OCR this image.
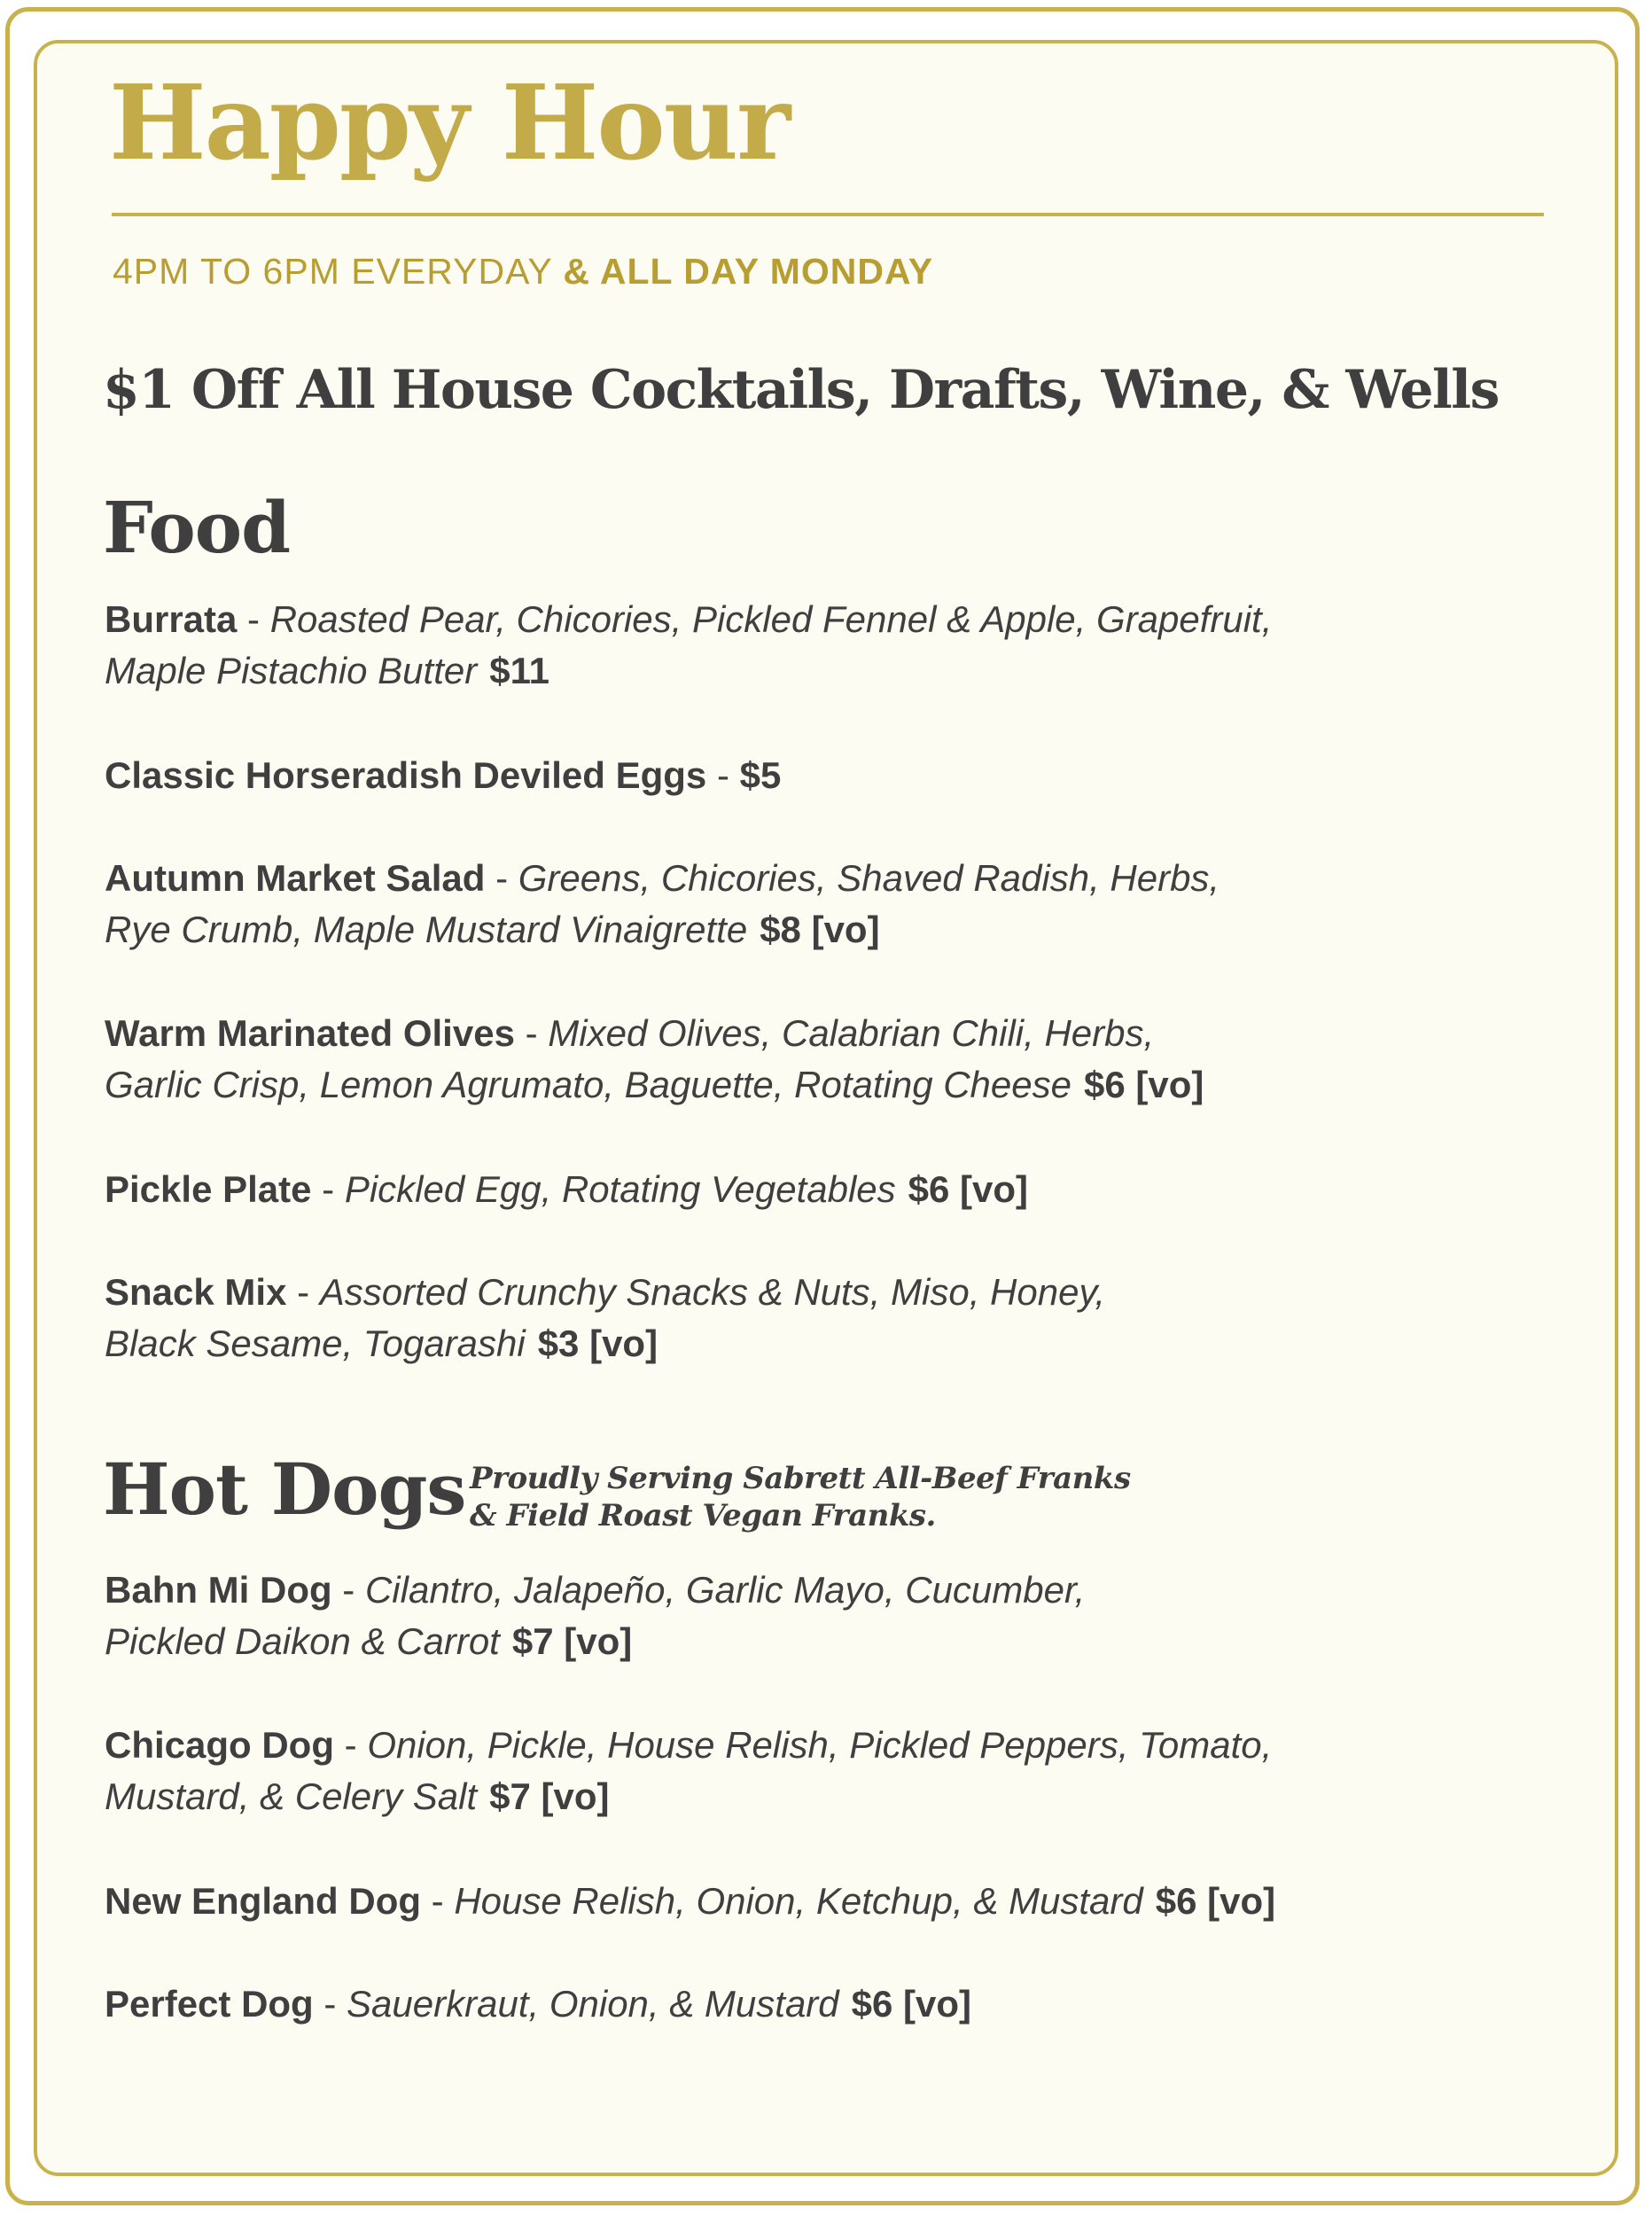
Happy Hour
4PM TO 6PM EVERYDAY & ALL DAY MONDAY
$1 Off All House Cocktails, Drafts, Wine, & Wells
Food
Burrata - Roasted Pear, Chicories, Pickled Fennel & Apple, Grapefruit,
Maple Pistachio Butter $11
Classic Horseradish Deviled Eggs - $5
Autumn Market Salad - Greens, Chicories, Shaved Radish, Herbs,
Rye Crumb, Maple Mustard Vinaigrette $8 [vo]
Warm Marinated Olives - Mixed Olives, Calabrian Chili, Herbs,
Garlic Crisp, Lemon Agrumato, Baguette, Rotating Cheese $6 [vo]
Pickle Plate - Pickled Egg, Rotating Vegetables $6 [vo]
Snack Mix - Assorted Crunchy Snacks & Nuts, Miso, Honey,
Black Sesame, Togarashi $3 [vo]
Hot Dogs Proudly Serving Sabrett All-Beef Franks
& Field Roast Vegan Franks.
Bahn Mi Dog - Cilantro, Jalapeño, Garlic Mayo, Cucumber,
Pickled Daikon & Carrot $7 [vo]
Chicago Dog - Onion, Pickle, House Relish, Pickled Peppers, Tomato,
Mustard, & Celery Salt $7 [vo]
New England Dog - House Relish, Onion, Ketchup, & Mustard $6 [vo]
Perfect Dog - Sauerkraut, Onion, & Mustard $6 [vo]
